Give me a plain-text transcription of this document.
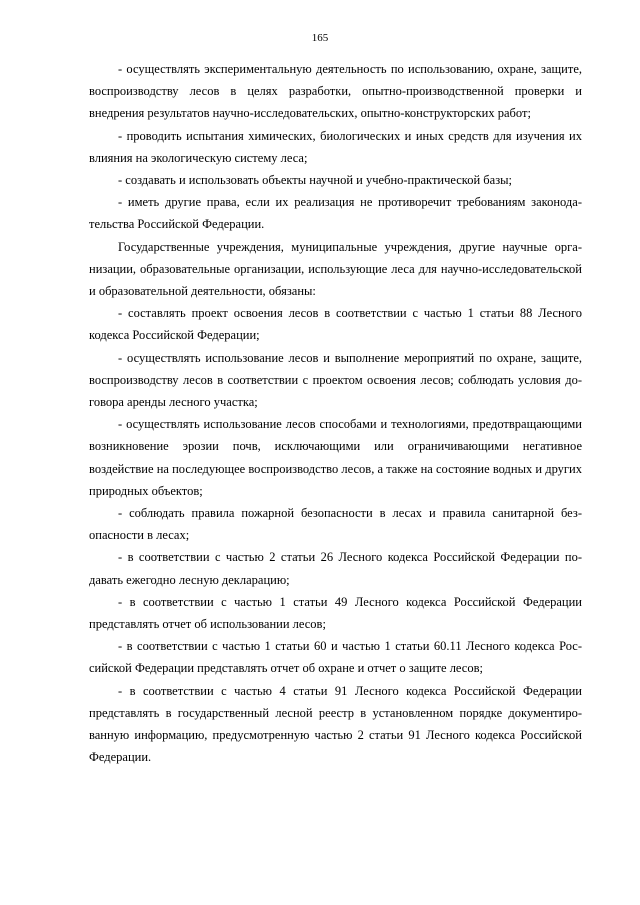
165

- осуществлять экспериментальную деятельность по использованию, охране, защите, воспроизводству лесов в целях разработки, опытно-производственной проверки и внедрения результатов научно-исследовательских, опытно-конструкторских работ;

- проводить испытания химических, биологических и иных средств для изучения их влияния на экологическую систему леса;

- создавать и использовать объекты научной и учебно-практической базы;

- иметь другие права, если их реализация не противоречит требованиям законодательства Российской Федерации.

Государственные учреждения, муниципальные учреждения, другие научные организации, образовательные организации, использующие леса для научно-исследовательской и образовательной деятельности, обязаны:

- составлять проект освоения лесов в соответствии с частью 1 статьи 88 Лесного кодекса Российской Федерации;

- осуществлять использование лесов и выполнение мероприятий по охране, защите, воспроизводству лесов в соответствии с проектом освоения лесов; соблюдать условия договора аренды лесного участка;

- осуществлять использование лесов способами и технологиями, предотвращающими возникновение эрозии почв, исключающими или ограничивающими негативное воздействие на последующее воспроизводство лесов, а также на состояние водных и других природных объектов;

- соблюдать правила пожарной безопасности в лесах и правила санитарной безопасности в лесах;

- в соответствии с частью 2 статьи 26 Лесного кодекса Российской Федерации подавать ежегодно лесную декларацию;

- в соответствии с частью 1 статьи 49 Лесного кодекса Российской Федерации представлять отчет об использовании лесов;

- в соответствии с частью 1 статьи 60 и частью 1 статьи 60.11 Лесного кодекса Российской Федерации представлять отчет об охране и отчет о защите лесов;

- в соответствии с частью 4 статьи 91 Лесного кодекса Российской Федерации представлять в государственный лесной реестр в установленном порядке документированную информацию, предусмотренную частью 2 статьи 91 Лесного кодекса Российской Федерации.
